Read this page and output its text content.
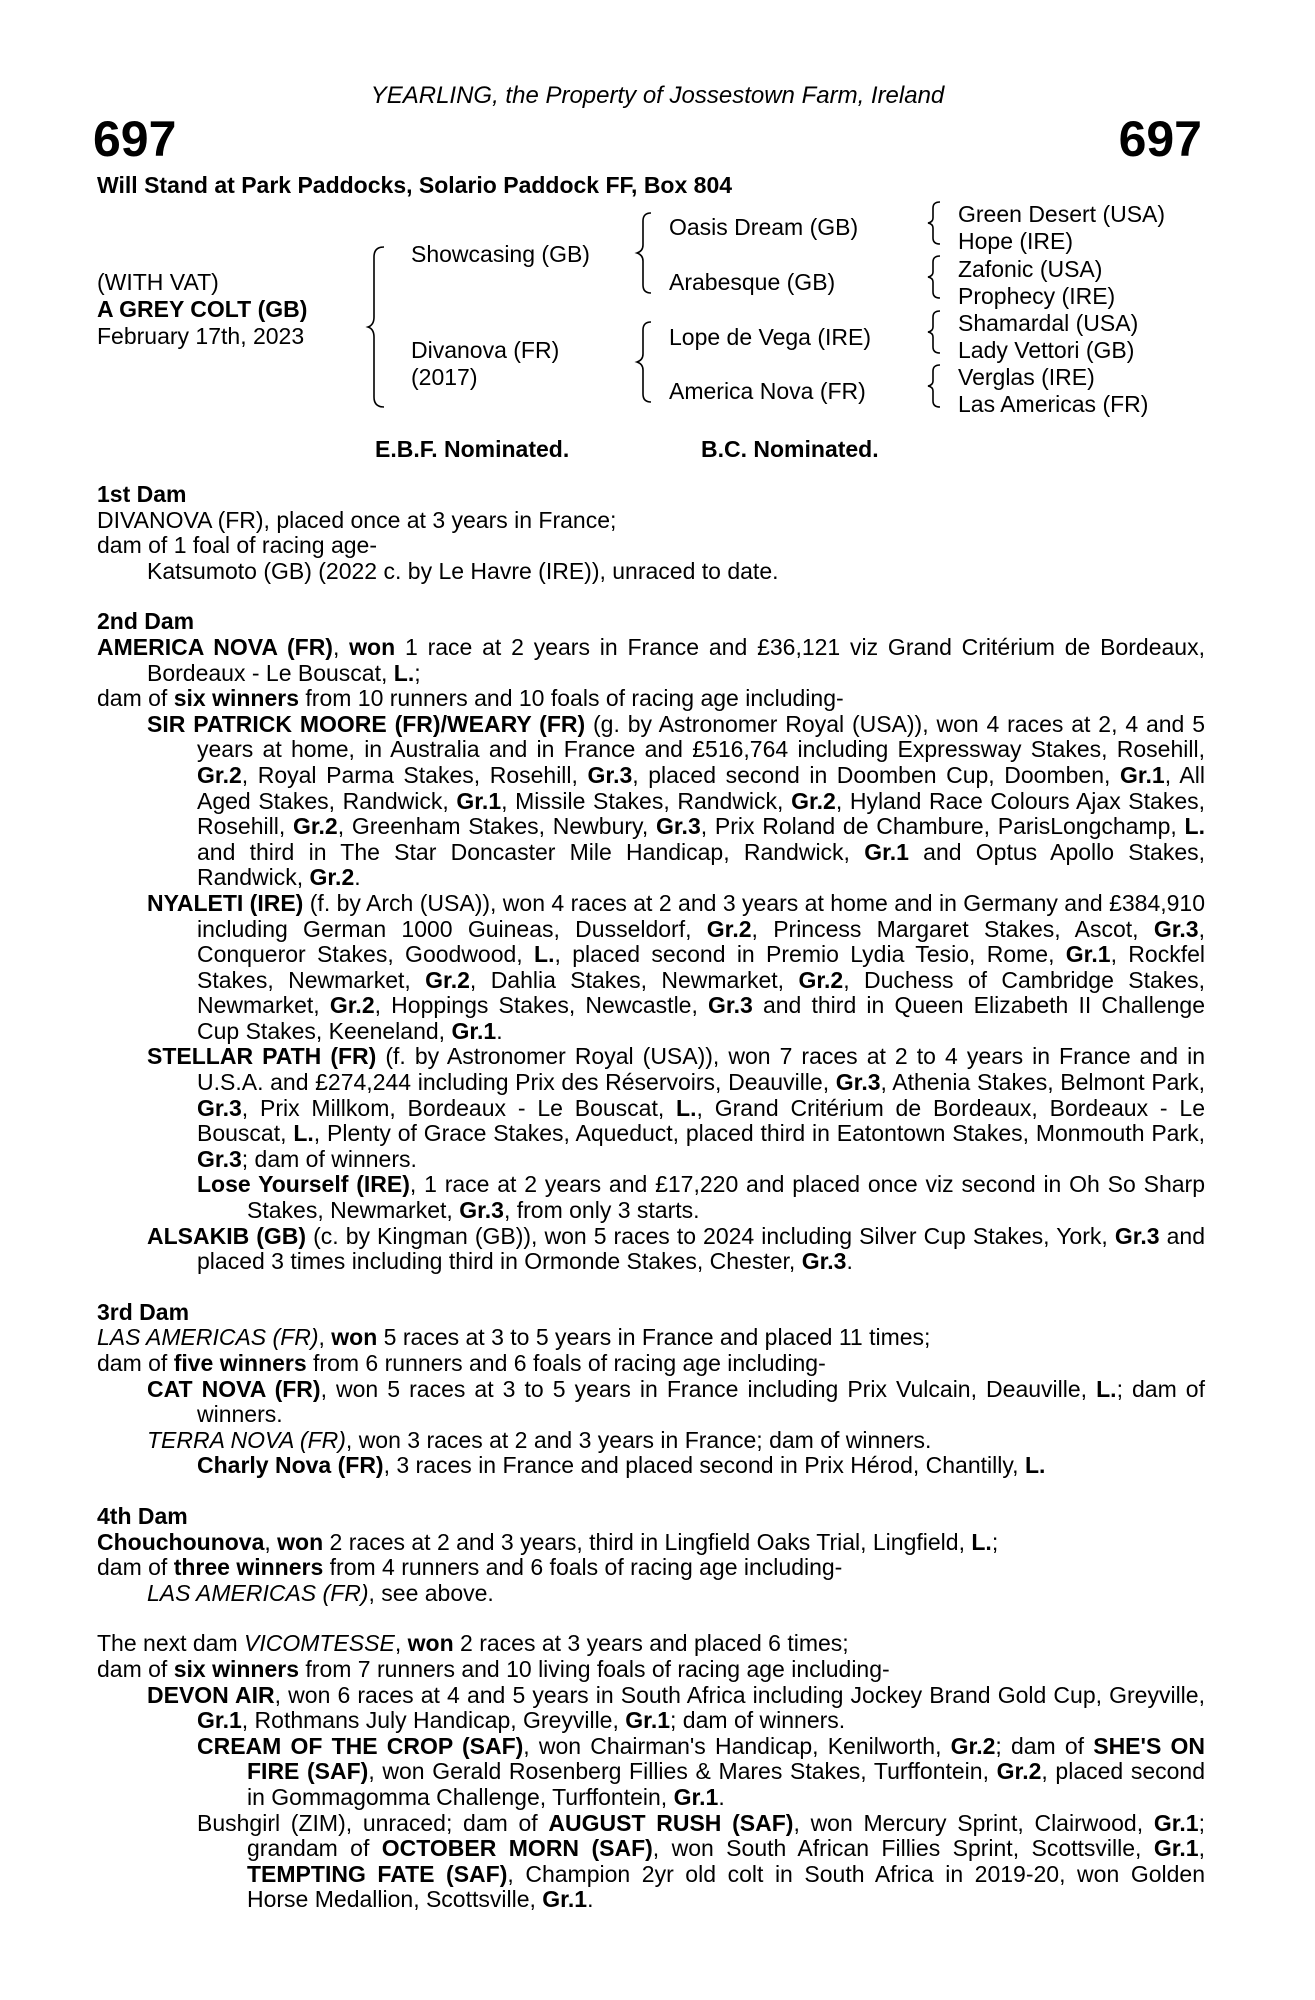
YEARLING, the Property of Jossestown Farm, Ireland
697	697
Will Stand at Park Paddocks, Solario Paddock FF, Box 804
(WITH VAT)
A GREY COLT (GB)
February 17th, 2023
Showcasing (GB)
Divanova (FR)
(2017)
Oasis Dream (GB)
Arabesque (GB)
Lope de Vega (IRE)
America Nova (FR)
Green Desert (USA)
Hope (IRE)
Zafonic (USA)
Prophecy (IRE)
Shamardal (USA)
Lady Vettori (GB)
Verglas (IRE)
Las Americas (FR)
E.B.F. Nominated.	B.C. Nominated.
1st Dam

DIVANOVA (FR), placed once at 3 years in France;

dam of 1 foal of racing age-

Katsumoto (GB) (2022 c. by Le Havre (IRE)), unraced to date.

2nd Dam

AMERICA NOVA (FR), won 1 race at 2 years in France and £36,121 viz Grand Critérium de Bordeaux, Bordeaux - Le Bouscat, L.;

dam of six winners from 10 runners and 10 foals of racing age including-

SIR PATRICK MOORE (FR)/WEARY (FR) (g. by Astronomer Royal (USA)), won 4 races at 2, 4 and 5 years at home, in Australia and in France and £516,764 including Expressway Stakes, Rosehill, Gr.2, Royal Parma Stakes, Rosehill, Gr.3, placed second in Doomben Cup, Doomben, Gr.1, All Aged Stakes, Randwick, Gr.1, Missile Stakes, Randwick, Gr.2, Hyland Race Colours Ajax Stakes, Rosehill, Gr.2, Greenham Stakes, Newbury, Gr.3, Prix Roland de Chambure, ParisLongchamp, L. and third in The Star Doncaster Mile Handicap, Randwick, Gr.1 and Optus Apollo Stakes, Randwick, Gr.2.

NYALETI (IRE) (f. by Arch (USA)), won 4 races at 2 and 3 years at home and in Germany and £384,910 including German 1000 Guineas, Dusseldorf, Gr.2, Princess Margaret Stakes, Ascot, Gr.3, Conqueror Stakes, Goodwood, L., placed second in Premio Lydia Tesio, Rome, Gr.1, Rockfel Stakes, Newmarket, Gr.2, Dahlia Stakes, Newmarket, Gr.2, Duchess of Cambridge Stakes, Newmarket, Gr.2, Hoppings Stakes, Newcastle, Gr.3 and third in Queen Elizabeth II Challenge Cup Stakes, Keeneland, Gr.1.

STELLAR PATH (FR) (f. by Astronomer Royal (USA)), won 7 races at 2 to 4 years in France and in U.S.A. and £274,244 including Prix des Réservoirs, Deauville, Gr.3, Athenia Stakes, Belmont Park, Gr.3, Prix Millkom, Bordeaux - Le Bouscat, L., Grand Critérium de Bordeaux, Bordeaux - Le Bouscat, L., Plenty of Grace Stakes, Aqueduct, placed third in Eatontown Stakes, Monmouth Park, Gr.3; dam of winners.

Lose Yourself (IRE), 1 race at 2 years and £17,220 and placed once viz second in Oh So Sharp Stakes, Newmarket, Gr.3, from only 3 starts.

ALSAKIB (GB) (c. by Kingman (GB)), won 5 races to 2024 including Silver Cup Stakes, York, Gr.3 and placed 3 times including third in Ormonde Stakes, Chester, Gr.3.

3rd Dam

LAS AMERICAS (FR), won 5 races at 3 to 5 years in France and placed 11 times;

dam of five winners from 6 runners and 6 foals of racing age including-

CAT NOVA (FR), won 5 races at 3 to 5 years in France including Prix Vulcain, Deauville, L.; dam of winners.

TERRA NOVA (FR), won 3 races at 2 and 3 years in France; dam of winners.

Charly Nova (FR), 3 races in France and placed second in Prix Hérod, Chantilly, L.

4th Dam

Chouchounova, won 2 races at 2 and 3 years, third in Lingfield Oaks Trial, Lingfield, L.;

dam of three winners from 4 runners and 6 foals of racing age including-

LAS AMERICAS (FR), see above.

The next dam VICOMTESSE, won 2 races at 3 years and placed 6 times;

dam of six winners from 7 runners and 10 living foals of racing age including-

DEVON AIR, won 6 races at 4 and 5 years in South Africa including Jockey Brand Gold Cup, Greyville, Gr.1, Rothmans July Handicap, Greyville, Gr.1; dam of winners.

CREAM OF THE CROP (SAF), won Chairman's Handicap, Kenilworth, Gr.2; dam of SHE'S ON FIRE (SAF), won Gerald Rosenberg Fillies & Mares Stakes, Turffontein, Gr.2, placed second in Gommagomma Challenge, Turffontein, Gr.1.

Bushgirl (ZIM), unraced; dam of AUGUST RUSH (SAF), won Mercury Sprint, Clairwood, Gr.1; grandam of OCTOBER MORN (SAF), won South African Fillies Sprint, Scottsville, Gr.1, TEMPTING FATE (SAF), Champion 2yr old colt in South Africa in 2019-20, won Golden Horse Medallion, Scottsville, Gr.1.
